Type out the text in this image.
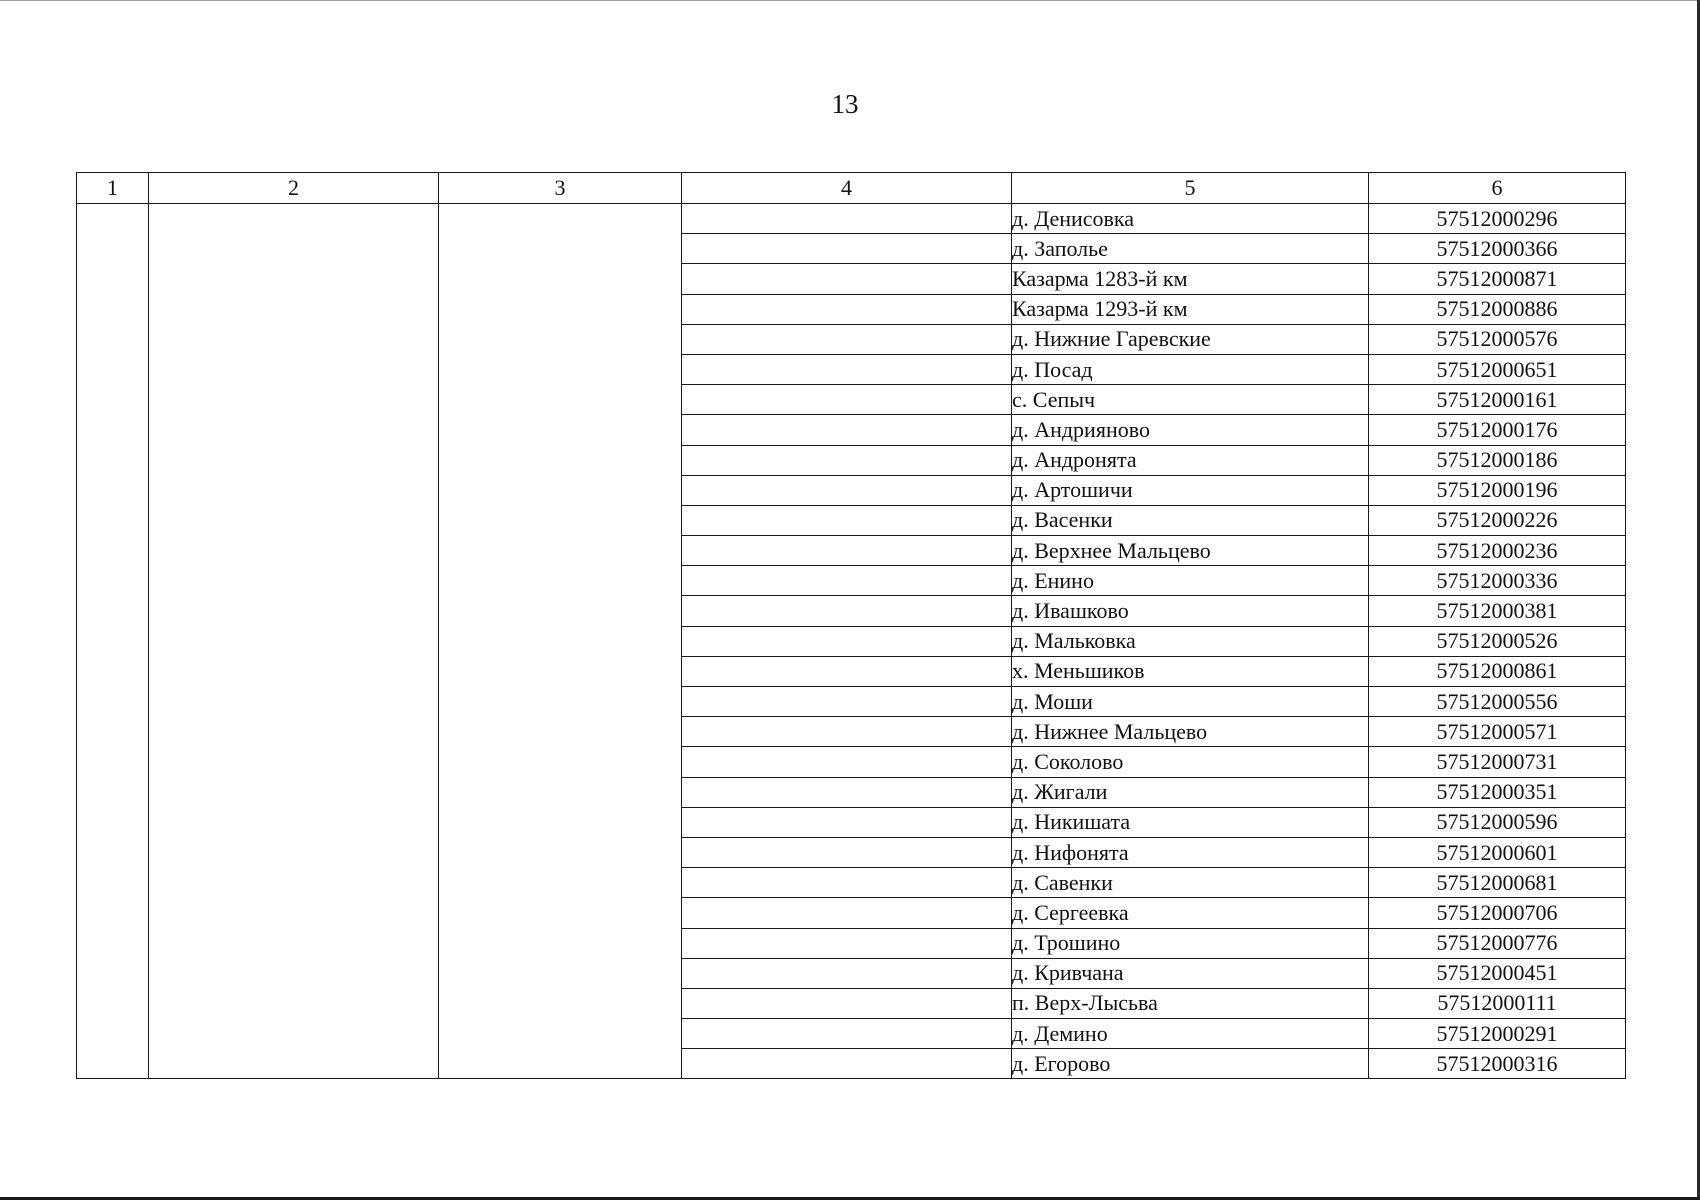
13
1	2	3	4	5	6
				д. Денисовка	57512000296
				д. Заполье	57512000366
				Казарма 1283-й км	57512000871
				Казарма 1293-й км	57512000886
				д. Нижние Гаревские	57512000576
				д. Посад	57512000651
				с. Сепыч	57512000161
				д. Андрияново	57512000176
				д. Андронята	57512000186
				д. Артошичи	57512000196
				д. Васенки	57512000226
				д. Верхнее Мальцево	57512000236
				д. Енино	57512000336
				д. Ивашково	57512000381
				д. Мальковка	57512000526
				х. Меньшиков	57512000861
				д. Моши	57512000556
				д. Нижнее Мальцево	57512000571
				д. Соколово	57512000731
				д. Жигали	57512000351
				д. Никишата	57512000596
				д. Нифонята	57512000601
				д. Савенки	57512000681
				д. Сергеевка	57512000706
				д. Трошино	57512000776
				д. Кривчана	57512000451
				п. Верх-Лысьва	57512000111
				д. Демино	57512000291
				д. Егорово	57512000316
